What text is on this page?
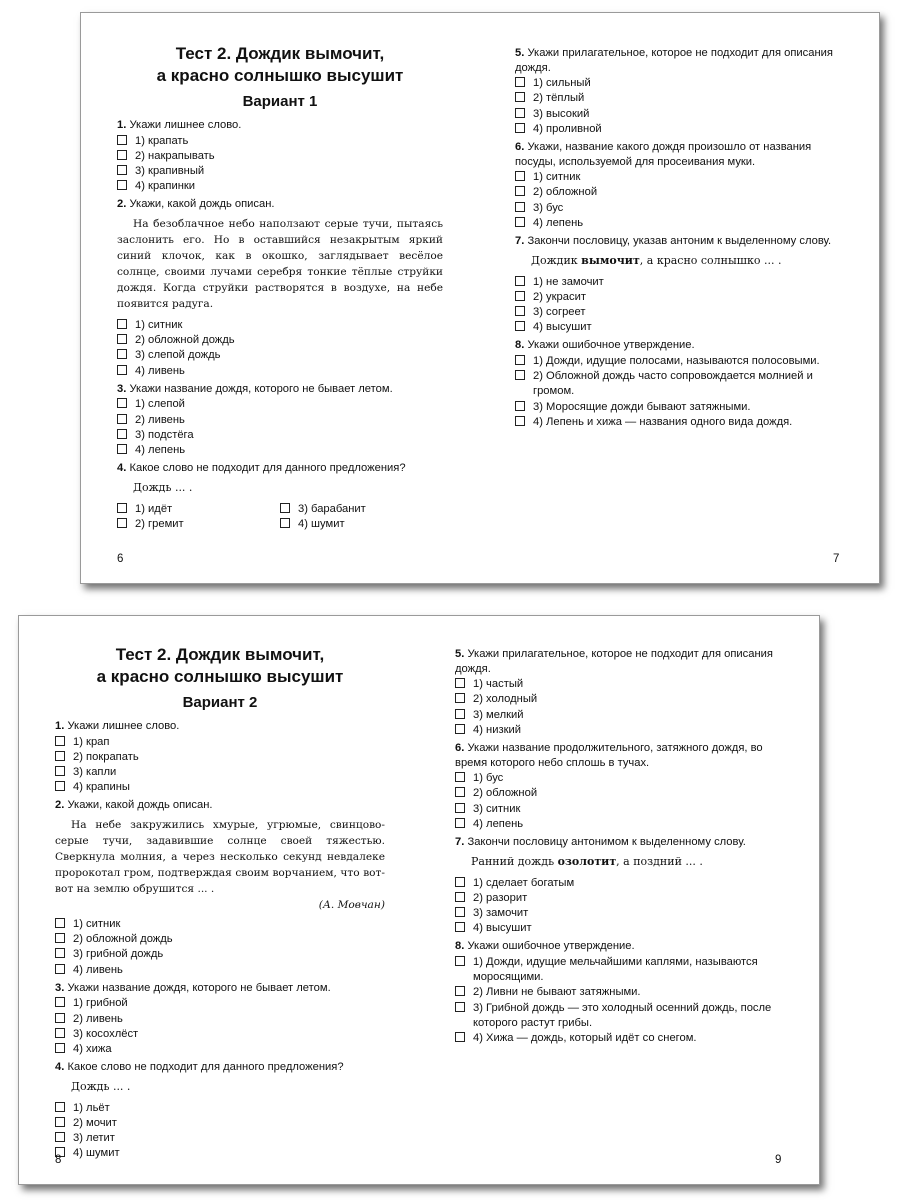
Тест 2. Дождик вымочит,

а красно солнышко высушит

Вариант 1

1. Укажи лишнее слово.
1) крапать
2) накрапывать
3) крапивный
4) крапинки
2. Укажи, какой дождь описан.

На безоблачное небо наползают серые тучи, пытаясь заслонить его. Но в оставшийся незакрытым яркий синий клочок, как в окошко, заглядывает весёлое солнце, своими лучами серебря тонкие тёплые струйки дождя. Когда струйки растворятся в воздухе, на небе появится радуга.

1) ситник
2) обложной дождь
3) слепой дождь
4) ливень
3. Укажи название дождя, которого не бывает летом.
1) слепой
2) ливень
3) подстёга
4) лепень
4. Какое слово не подходит для данного предложения?

Дождь ... .

1) идёт
2) гремит
3) барабанит
4) шумит
6
5. Укажи прилагательное, которое не подходит для описания дождя.
1) сильный
2) тёплый
3) высокий
4) проливной
6. Укажи, название какого дождя произошло от названия посуды, используемой для просеивания муки.
1) ситник
2) обложной
3) бус
4) лепень
7. Закончи пословицу, указав антоним к выделенному слову.

Дождик вымочит, а красно солнышко ... .

1) не замочит
2) украсит
3) согреет
4) высушит
8. Укажи ошибочное утверждение.
1) Дожди, идущие полосами, называются полосовыми.
2) Обложной дождь часто сопровождается молнией и громом.
3) Моросящие дожди бывают затяжными.
4) Лепень и хижа — названия одного вида дождя.
7

Тест 2. Дождик вымочит,

а красно солнышко высушит

Вариант 2

1. Укажи лишнее слово.
1) крап
2) покрапать
3) капли
4) крапины
2. Укажи, какой дождь описан.

На небе закружились хмурые, угрюмые, свинцово-серые тучи, задавившие солнце своей тяжестью. Сверкнула молния, а через несколько секунд невдалеке пророкотал гром, подтверждая своим ворчанием, что вот-вот на землю обрушится ... .

(А. Мовчан)

1) ситник
2) обложной дождь
3) грибной дождь
4) ливень
3. Укажи название дождя, которого не бывает летом.
1) грибной
2) ливень
3) косохлёст
4) хижа
4. Какое слово не подходит для данного предложения?

Дождь ... .

1) льёт
2) мочит
3) летит
4) шумит
8
5. Укажи прилагательное, которое не подходит для описания дождя.
1) частый
2) холодный
3) мелкий
4) низкий
6. Укажи название продолжительного, затяжного дождя, во время которого небо сплошь в тучах.
1) бус
2) обложной
3) ситник
4) лепень
7. Закончи пословицу антонимом к выделенному слову.

Ранний дождь озолотит, а поздний ... .

1) сделает богатым
2) разорит
3) замочит
4) высушит
8. Укажи ошибочное утверждение.
1) Дожди, идущие мельчайшими каплями, называются моросящими.
2) Ливни не бывают затяжными.
3) Грибной дождь — это холодный осенний дождь, после которого растут грибы.
4) Хижа — дождь, который идёт со снегом.
9
